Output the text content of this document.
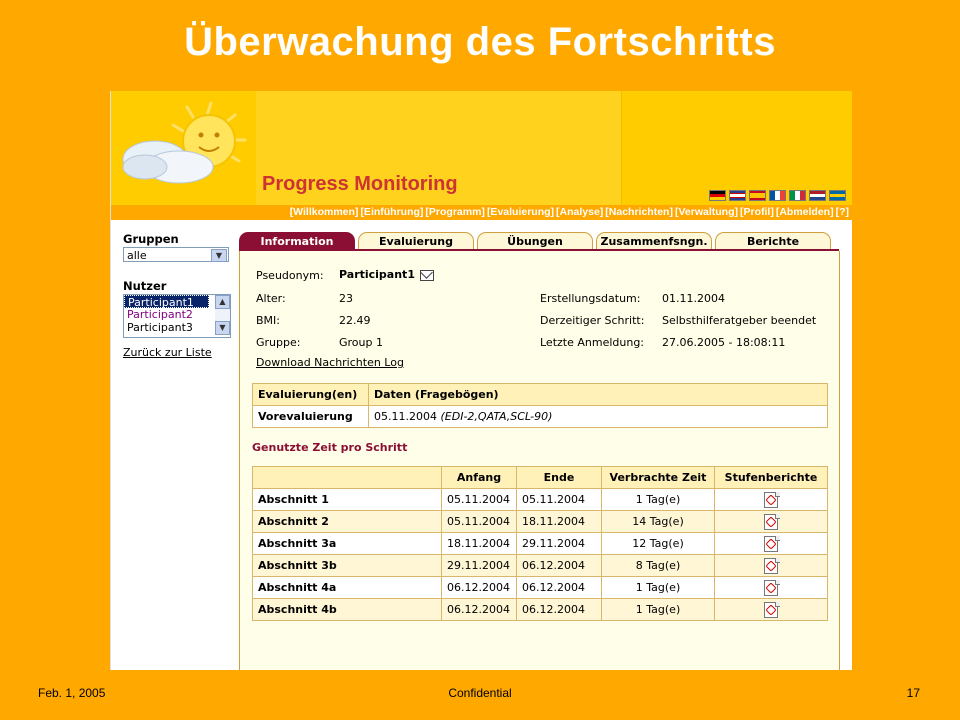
Überwachung des Fortschritts
Progress Monitoring
[Willkommen] [Einführung] [Programm] [Evaluierung] [Analyse] [Nachrichten] [Verwaltung] [Profil] [Abmelden] [?]
Gruppen
alle	▼
Nutzer
Participant1
Participant2
Participant3
▲
▼
Zurück zur Liste
Information	Evaluierung	Übungen	Zusammenfsngn.	Berichte
Pseudonym: Participant1
Alter:	23
BMI:	22.49
Gruppe:	Group 1
Erstellungsdatum: 01.11.2004
Derzeitiger Schritt: Selbsthilferatgeber beendet
Letzte Anmeldung: 27.06.2005 - 18:08:11
Download Nachrichten Log
Evaluierung(en)	Daten (Fragebögen)
Vorevaluierung	05.11.2004 (EDI-2,QATA,SCL-90)
Genutzte Zeit pro Schritt
	Anfang	Ende	Verbrachte Zeit	Stufenberichte
Abschnitt 1	05.11.2004	05.11.2004	1 Tag(e)	
Abschnitt 2	05.11.2004	18.11.2004	14 Tag(e)	
Abschnitt 3a	18.11.2004	29.11.2004	12 Tag(e)	
Abschnitt 3b	29.11.2004	06.12.2004	8 Tag(e)	
Abschnitt 4a	06.12.2004	06.12.2004	1 Tag(e)	
Abschnitt 4b	06.12.2004	06.12.2004	1 Tag(e)	
Feb. 1, 2005	Confidential	17
